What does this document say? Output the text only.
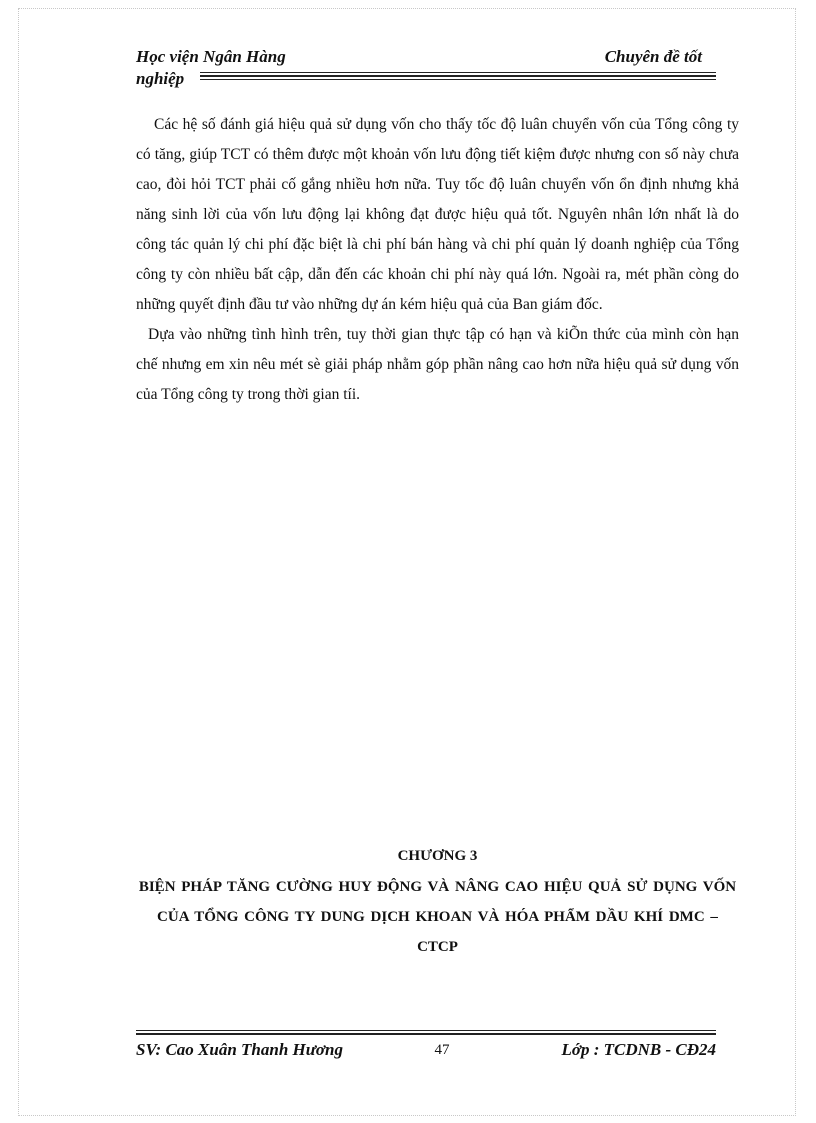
Học viện Ngân Hàng nghiệp
Chuyên đề tốt

Các hệ số đánh giá hiệu quả sử dụng vốn cho thấy tốc độ luân chuyển vốn của Tổng công ty có tăng, giúp TCT có thêm được một khoản vốn lưu động tiết kiệm được nhưng con số này chưa cao, đòi hỏi TCT phải cố gắng nhiều hơn nữa. Tuy tốc độ luân chuyển vốn ổn định nhưng khả năng sinh lời của vốn lưu động lại không đạt được hiệu quả tốt. Nguyên nhân lớn nhất là do công tác quản lý chi phí đặc biệt là chi phí bán hàng và chi phí quản lý doanh nghiệp của Tổng công ty còn nhiều bất cập, dẫn đến các khoản chi phí này quá lớn. Ngoài ra, mét phần còng do những quyết định đầu tư vào những dự án kém hiệu quả của Ban giám đốc.

Dựa vào những tình hình trên, tuy thời gian thực tập có hạn và kiÕn thức của mình còn hạn chế nhưng em xin nêu mét sè giải pháp nhằm góp phần nâng cao hơn nữa hiệu quả sử dụng vốn của Tổng công ty trong thời gian tíi.

CHƯƠNG 3
BIỆN PHÁP TĂNG CƯỜNG HUY ĐỘNG VÀ NÂNG CAO HIỆU QUẢ SỬ DỤNG VỐN CỦA TỔNG CÔNG TY DUNG DỊCH KHOAN VÀ HÓA PHẨM DẦU KHÍ DMC – CTCP
SV: Cao Xuân Thanh Hương	47	Lớp : TCDNB - CĐ24
